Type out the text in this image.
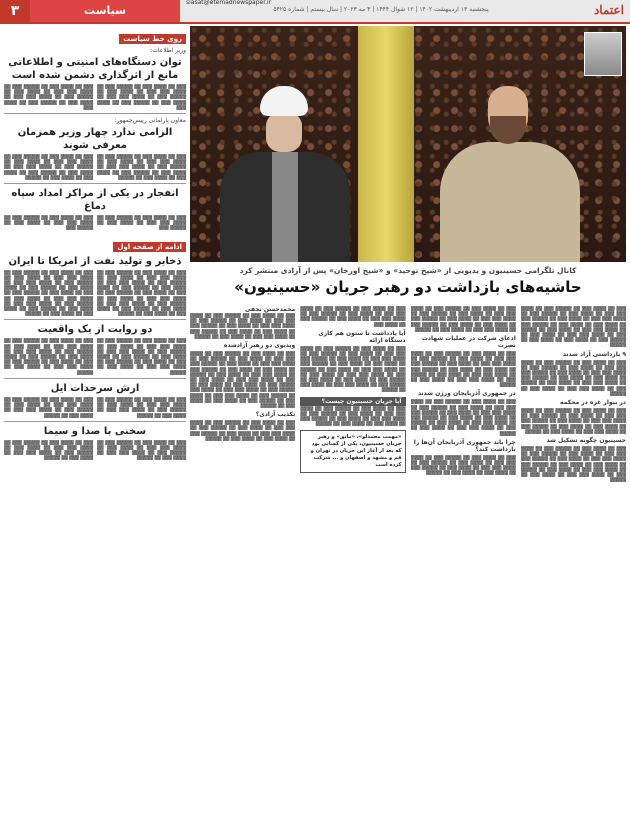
۳	سیاست
siasat@etemadnewspaper.ir
پنجشنبه ۱۳ اردیبهشت ۱۴۰۲ | ۱۲ شوال ۱۴۴۴ | ۴ مه ۲۰۲۳ | سال بیستم | شماره ۵۴۲۵	اعتماد
روی خط سیاست
وزیر اطلاعات:
توان دستگاه‌های امنیتی و اطلاعاتی مانع از اثرگذاری دشمن شده است
▓▓▓ ▓▓ ▓▓▓▓ ▓▓▓ ▓▓ ▓▓▓▓▓ ▓▓▓ ▓▓ ▓▓▓▓ ▓▓▓ ▓▓▓ ▓▓ ▓▓▓▓ ▓▓▓ ▓▓ ▓▓▓▓▓ ▓▓▓ ▓▓ ▓▓▓▓ ▓▓▓ ▓▓▓ ▓▓ ▓▓▓▓ ▓▓▓ ▓▓ ▓▓▓▓▓ ▓▓▓ ▓▓ ▓▓▓▓ ▓▓▓
▓▓▓ ▓▓ ▓▓▓▓ ▓▓▓ ▓▓ ▓▓▓▓▓ ▓▓▓ ▓▓ ▓▓▓▓ ▓▓▓ ▓▓▓ ▓▓ ▓▓▓▓ ▓▓▓ ▓▓ ▓▓▓▓▓ ▓▓▓ ▓▓ ▓▓▓▓ ▓▓▓ ▓▓▓ ▓▓ ▓▓▓▓ ▓▓▓ ▓▓ ▓▓▓▓▓ ▓▓▓ ▓▓ ▓▓▓▓ ▓▓▓
معاون پارلمانی رییس‌جمهور:
الزامی ندارد چهار وزیر همزمان معرفی شوند
▓▓▓ ▓▓ ▓▓▓▓ ▓▓▓ ▓▓ ▓▓▓▓▓ ▓▓▓ ▓▓ ▓▓▓▓ ▓▓▓ ▓▓▓ ▓▓ ▓▓▓▓ ▓▓▓ ▓▓ ▓▓▓▓▓ ▓▓▓ ▓▓ ▓▓▓▓ ▓▓▓ ▓▓▓ ▓▓ ▓▓▓▓ ▓▓▓ ▓▓ ▓▓▓▓▓ ▓▓▓ ▓▓ ▓▓▓▓ ▓▓▓ ▓▓ ▓▓▓▓ ▓▓▓ ▓▓ ▓▓▓▓▓
▓▓▓ ▓▓ ▓▓▓▓ ▓▓▓ ▓▓ ▓▓▓▓▓ ▓▓▓ ▓▓ ▓▓▓▓ ▓▓▓ ▓▓▓ ▓▓ ▓▓▓▓ ▓▓▓ ▓▓ ▓▓▓▓▓ ▓▓▓ ▓▓ ▓▓▓▓ ▓▓▓ ▓▓▓ ▓▓ ▓▓▓▓ ▓▓▓ ▓▓ ▓▓▓▓▓ ▓▓▓ ▓▓ ▓▓▓▓ ▓▓▓ ▓▓ ▓▓▓▓ ▓▓▓ ▓▓ ▓▓▓▓▓
انفجار در یکی از مراکز امداد سپاه دماغ
▓▓▓ ▓▓ ▓▓▓▓ ▓▓▓ ▓▓ ▓▓▓▓▓ ▓▓▓ ▓▓ ▓▓▓▓ ▓▓▓ ▓▓▓ ▓▓ ▓▓▓▓ ▓▓▓ ▓▓ ▓▓▓▓▓ ▓▓▓
▓▓▓ ▓▓ ▓▓▓▓ ▓▓▓ ▓▓ ▓▓▓▓▓ ▓▓▓ ▓▓ ▓▓▓▓ ▓▓▓ ▓▓▓ ▓▓ ▓▓▓▓ ▓▓▓ ▓▓ ▓▓▓▓▓ ▓▓▓
ادامه از صفحه اول
ذخایر و تولید نفت از امریکا تا ایران
▓▓▓ ▓▓ ▓▓▓▓ ▓▓▓ ▓▓ ▓▓▓▓▓ ▓▓▓ ▓▓ ▓▓▓▓ ▓▓▓ ▓▓▓ ▓▓ ▓▓▓▓ ▓▓▓ ▓▓ ▓▓▓▓▓ ▓▓▓ ▓▓ ▓▓▓▓ ▓▓▓ ▓▓▓ ▓▓ ▓▓▓▓ ▓▓▓ ▓▓ ▓▓▓▓▓ ▓▓▓ ▓▓ ▓▓▓▓ ▓▓▓ ▓▓ ▓▓▓▓ ▓▓▓ ▓▓ ▓▓▓▓▓ ▓▓▓ ▓▓ ▓▓▓▓ ▓▓▓ ▓▓▓ ▓▓ ▓▓▓▓ ▓▓▓ ▓▓ ▓▓▓▓▓ ▓▓▓ ▓▓ ▓▓▓▓ ▓▓▓ ▓▓▓ ▓▓ ▓▓▓▓ ▓▓▓ ▓▓ ▓▓▓▓▓ ▓▓▓ ▓▓ ▓▓▓▓ ▓▓▓ ▓▓ ▓▓▓▓ ▓▓▓ ▓▓ ▓▓▓▓▓
▓▓▓ ▓▓ ▓▓▓▓ ▓▓▓ ▓▓ ▓▓▓▓▓ ▓▓▓ ▓▓ ▓▓▓▓ ▓▓▓ ▓▓▓ ▓▓ ▓▓▓▓ ▓▓▓ ▓▓ ▓▓▓▓▓ ▓▓▓ ▓▓ ▓▓▓▓ ▓▓▓ ▓▓▓ ▓▓ ▓▓▓▓ ▓▓▓ ▓▓ ▓▓▓▓▓ ▓▓▓ ▓▓ ▓▓▓▓ ▓▓▓ ▓▓ ▓▓▓▓ ▓▓▓ ▓▓ ▓▓▓▓▓ ▓▓▓ ▓▓ ▓▓▓▓ ▓▓▓ ▓▓▓ ▓▓ ▓▓▓▓ ▓▓▓ ▓▓ ▓▓▓▓▓ ▓▓▓ ▓▓ ▓▓▓▓ ▓▓▓ ▓▓▓ ▓▓ ▓▓▓▓ ▓▓▓ ▓▓ ▓▓▓▓▓ ▓▓▓ ▓▓ ▓▓▓▓ ▓▓▓ ▓▓ ▓▓▓▓ ▓▓▓ ▓▓ ▓▓▓▓▓
دو روایت از یک واقعیت
▓▓▓ ▓▓ ▓▓▓▓ ▓▓▓ ▓▓ ▓▓▓▓▓ ▓▓▓ ▓▓ ▓▓▓▓ ▓▓▓ ▓▓▓ ▓▓ ▓▓▓▓ ▓▓▓ ▓▓ ▓▓▓▓▓ ▓▓▓ ▓▓ ▓▓▓▓ ▓▓▓ ▓▓▓ ▓▓ ▓▓▓▓ ▓▓▓ ▓▓ ▓▓▓▓▓ ▓▓▓ ▓▓ ▓▓▓▓ ▓▓▓ ▓▓ ▓▓▓▓ ▓▓▓ ▓▓ ▓▓▓▓▓ ▓▓▓ ▓▓ ▓▓▓▓ ▓▓▓ ▓▓▓ ▓▓ ▓▓▓▓ ▓▓▓ ▓▓ ▓▓▓▓▓
▓▓▓ ▓▓ ▓▓▓▓ ▓▓▓ ▓▓ ▓▓▓▓▓ ▓▓▓ ▓▓ ▓▓▓▓ ▓▓▓ ▓▓▓ ▓▓ ▓▓▓▓ ▓▓▓ ▓▓ ▓▓▓▓▓ ▓▓▓ ▓▓ ▓▓▓▓ ▓▓▓ ▓▓▓ ▓▓ ▓▓▓▓ ▓▓▓ ▓▓ ▓▓▓▓▓ ▓▓▓ ▓▓ ▓▓▓▓ ▓▓▓ ▓▓ ▓▓▓▓ ▓▓▓ ▓▓ ▓▓▓▓▓ ▓▓▓ ▓▓ ▓▓▓▓ ▓▓▓ ▓▓▓ ▓▓ ▓▓▓▓ ▓▓▓ ▓▓ ▓▓▓▓▓
ارش سرحدات ایل
▓▓▓ ▓▓ ▓▓▓▓ ▓▓▓ ▓▓ ▓▓▓▓▓ ▓▓▓ ▓▓ ▓▓▓▓ ▓▓▓ ▓▓▓ ▓▓ ▓▓▓▓ ▓▓▓ ▓▓ ▓▓▓▓▓ ▓▓▓ ▓▓ ▓▓▓▓ ▓▓▓ ▓▓▓ ▓▓ ▓▓▓▓ ▓▓▓ ▓▓ ▓▓▓▓▓
▓▓▓ ▓▓ ▓▓▓▓ ▓▓▓ ▓▓ ▓▓▓▓▓ ▓▓▓ ▓▓ ▓▓▓▓ ▓▓▓ ▓▓▓ ▓▓ ▓▓▓▓ ▓▓▓ ▓▓ ▓▓▓▓▓ ▓▓▓ ▓▓ ▓▓▓▓ ▓▓▓ ▓▓▓ ▓▓ ▓▓▓▓ ▓▓▓ ▓▓ ▓▓▓▓▓
سخنی با صدا و سیما
▓▓▓ ▓▓ ▓▓▓▓ ▓▓▓ ▓▓ ▓▓▓▓▓ ▓▓▓ ▓▓ ▓▓▓▓ ▓▓▓ ▓▓▓ ▓▓ ▓▓▓▓ ▓▓▓ ▓▓ ▓▓▓▓▓ ▓▓▓ ▓▓ ▓▓▓▓ ▓▓▓ ▓▓▓ ▓▓ ▓▓▓▓ ▓▓▓ ▓▓ ▓▓▓▓▓
▓▓▓ ▓▓ ▓▓▓▓ ▓▓▓ ▓▓ ▓▓▓▓▓ ▓▓▓ ▓▓ ▓▓▓▓ ▓▓▓ ▓▓▓ ▓▓ ▓▓▓▓ ▓▓▓ ▓▓ ▓▓▓▓▓ ▓▓▓ ▓▓ ▓▓▓▓ ▓▓▓ ▓▓▓ ▓▓ ▓▓▓▓ ▓▓▓ ▓▓ ▓▓▓▓▓
کانال تلگرامی حسینیون و یدیویی از «شیخ توحید» و «شیخ اورخان» پس از آزادی منتشر کرد
حاشیه‌های بازداشت دو رهبر جریان «حسینیون»
▓▓▓ ▓▓ ▓▓▓▓ ▓▓▓ ▓▓ ▓▓▓▓▓ ▓▓▓ ▓▓ ▓▓▓▓ ▓▓▓ ▓▓▓ ▓▓ ▓▓▓▓ ▓▓▓ ▓▓ ▓▓▓▓▓ ▓▓▓ ▓▓ ▓▓▓▓ ▓▓▓ ▓▓▓ ▓▓ ▓▓▓▓ ▓▓▓ ▓▓ ▓▓▓▓▓ ▓▓▓ ▓▓ ▓▓▓▓ ▓▓▓ ▓▓ ▓▓▓▓ ▓▓▓ ▓▓ ▓▓▓▓▓ ▓▓▓ ▓▓ ▓▓▓▓ ▓▓▓ ▓▓▓ ▓▓ ▓▓▓▓ ▓▓▓ ▓▓ ▓▓▓▓▓ ▓▓▓ ▓▓ ▓▓▓▓ ▓▓▓ ▓▓▓ ▓▓ ▓▓▓▓ ▓▓▓ ▓▓ ▓▓▓▓▓ ▓▓▓ ▓▓ ▓▓▓▓ ▓▓▓ ▓▓ ▓▓▓▓ ▓▓▓ ▓▓ ▓▓▓▓▓
۹ بازداشتی آزاد شدند
▓▓▓ ▓▓ ▓▓▓▓ ▓▓▓ ▓▓ ▓▓▓▓▓ ▓▓▓ ▓▓ ▓▓▓▓ ▓▓▓ ▓▓▓ ▓▓ ▓▓▓▓ ▓▓▓ ▓▓ ▓▓▓▓▓ ▓▓▓ ▓▓ ▓▓▓▓ ▓▓▓ ▓▓▓ ▓▓ ▓▓▓▓ ▓▓▓ ▓▓ ▓▓▓▓▓ ▓▓▓ ▓▓ ▓▓▓▓ ▓▓▓ ▓▓ ▓▓▓▓ ▓▓▓ ▓▓ ▓▓▓▓▓ ▓▓▓ ▓▓ ▓▓▓▓ ▓▓▓ ▓▓▓ ▓▓ ▓▓▓▓ ▓▓▓ ▓▓ ▓▓▓▓▓ ▓▓▓ ▓▓ ▓▓▓▓ ▓▓▓ ▓▓▓ ▓▓ ▓▓▓▓ ▓▓▓ ▓▓ ▓▓▓▓▓
در بیوار غزه در محکمه
▓▓▓ ▓▓ ▓▓▓▓ ▓▓▓ ▓▓ ▓▓▓▓▓ ▓▓▓ ▓▓ ▓▓▓▓ ▓▓▓ ▓▓▓ ▓▓ ▓▓▓▓ ▓▓▓ ▓▓ ▓▓▓▓▓ ▓▓▓ ▓▓ ▓▓▓▓ ▓▓▓ ▓▓▓ ▓▓ ▓▓▓▓ ▓▓▓ ▓▓ ▓▓▓▓▓ ▓▓▓ ▓▓ ▓▓▓▓ ▓▓▓ ▓▓ ▓▓▓▓ ▓▓▓ ▓▓ ▓▓▓▓▓ ▓▓▓ ▓▓ ▓▓▓▓ ▓▓▓ ▓▓▓ ▓▓ ▓▓▓▓ ▓▓▓ ▓▓ ▓▓▓▓▓
حسینیون چگونه تشکیل شد
▓▓▓ ▓▓ ▓▓▓▓ ▓▓▓ ▓▓ ▓▓▓▓▓ ▓▓▓ ▓▓ ▓▓▓▓ ▓▓▓ ▓▓▓ ▓▓ ▓▓▓▓ ▓▓▓ ▓▓ ▓▓▓▓▓ ▓▓▓ ▓▓ ▓▓▓▓ ▓▓▓ ▓▓▓ ▓▓ ▓▓▓▓ ▓▓▓ ▓▓ ▓▓▓▓▓ ▓▓▓ ▓▓ ▓▓▓▓ ▓▓▓ ▓▓ ▓▓▓▓ ▓▓▓ ▓▓ ▓▓▓▓▓ ▓▓▓ ▓▓ ▓▓▓▓ ▓▓▓ ▓▓▓ ▓▓ ▓▓▓▓ ▓▓▓ ▓▓ ▓▓▓▓▓ ▓▓▓ ▓▓ ▓▓▓▓ ▓▓▓ ▓▓▓ ▓▓ ▓▓▓▓ ▓▓▓ ▓▓ ▓▓▓▓▓
▓▓▓ ▓▓ ▓▓▓▓ ▓▓▓ ▓▓ ▓▓▓▓▓ ▓▓▓ ▓▓ ▓▓▓▓ ▓▓▓ ▓▓▓ ▓▓ ▓▓▓▓ ▓▓▓ ▓▓ ▓▓▓▓▓ ▓▓▓ ▓▓ ▓▓▓▓ ▓▓▓ ▓▓▓ ▓▓ ▓▓▓▓ ▓▓▓ ▓▓ ▓▓▓▓▓ ▓▓▓ ▓▓ ▓▓▓▓ ▓▓▓ ▓▓ ▓▓▓▓ ▓▓▓ ▓▓ ▓▓▓▓▓ ▓▓▓ ▓▓ ▓▓▓▓ ▓▓▓ ▓▓▓ ▓▓ ▓▓▓▓ ▓▓▓ ▓▓ ▓▓▓▓▓
ادعای شرکت در عملیات شهادت نصرت
▓▓▓ ▓▓ ▓▓▓▓ ▓▓▓ ▓▓ ▓▓▓▓▓ ▓▓▓ ▓▓ ▓▓▓▓ ▓▓▓ ▓▓▓ ▓▓ ▓▓▓▓ ▓▓▓ ▓▓ ▓▓▓▓▓ ▓▓▓ ▓▓ ▓▓▓▓ ▓▓▓ ▓▓▓ ▓▓ ▓▓▓▓ ▓▓▓ ▓▓ ▓▓▓▓▓ ▓▓▓ ▓▓ ▓▓▓▓ ▓▓▓ ▓▓ ▓▓▓▓ ▓▓▓ ▓▓ ▓▓▓▓▓ ▓▓▓ ▓▓ ▓▓▓▓ ▓▓▓ ▓▓▓ ▓▓ ▓▓▓▓ ▓▓▓ ▓▓ ▓▓▓▓▓ ▓▓▓ ▓▓ ▓▓▓▓ ▓▓▓ ▓▓▓ ▓▓ ▓▓▓▓ ▓▓▓ ▓▓ ▓▓▓▓▓
در جمهوری آذربایجان ورژن شدند
▓▓▓ ▓▓ ▓▓▓▓ ▓▓▓ ▓▓ ▓▓▓▓▓ ▓▓▓ ▓▓ ▓▓▓▓ ▓▓▓ ▓▓▓ ▓▓ ▓▓▓▓ ▓▓▓ ▓▓ ▓▓▓▓▓ ▓▓▓ ▓▓ ▓▓▓▓ ▓▓▓ ▓▓▓ ▓▓ ▓▓▓▓ ▓▓▓ ▓▓ ▓▓▓▓▓ ▓▓▓ ▓▓ ▓▓▓▓ ▓▓▓ ▓▓ ▓▓▓▓ ▓▓▓ ▓▓ ▓▓▓▓▓ ▓▓▓ ▓▓ ▓▓▓▓ ▓▓▓ ▓▓▓ ▓▓ ▓▓▓▓ ▓▓▓ ▓▓ ▓▓▓▓▓ ▓▓▓ ▓▓ ▓▓▓▓ ▓▓▓ ▓▓▓ ▓▓ ▓▓▓▓ ▓▓▓ ▓▓ ▓▓▓▓▓
چرا باید جمهوری آذربایجان آن‌ها را بازداشت کند؟
▓▓▓ ▓▓ ▓▓▓▓ ▓▓▓ ▓▓ ▓▓▓▓▓ ▓▓▓ ▓▓ ▓▓▓▓ ▓▓▓ ▓▓▓ ▓▓ ▓▓▓▓ ▓▓▓ ▓▓ ▓▓▓▓▓ ▓▓▓ ▓▓ ▓▓▓▓ ▓▓▓ ▓▓▓ ▓▓ ▓▓▓▓ ▓▓▓ ▓▓ ▓▓▓▓▓ ▓▓▓ ▓▓ ▓▓▓▓ ▓▓▓ ▓▓ ▓▓▓▓ ▓▓▓ ▓▓ ▓▓▓▓▓
▓▓▓ ▓▓ ▓▓▓▓ ▓▓▓ ▓▓ ▓▓▓▓▓ ▓▓▓ ▓▓ ▓▓▓▓ ▓▓▓ ▓▓▓ ▓▓ ▓▓▓▓ ▓▓▓ ▓▓ ▓▓▓▓▓ ▓▓▓ ▓▓ ▓▓▓▓ ▓▓▓ ▓▓▓ ▓▓ ▓▓▓▓ ▓▓▓ ▓▓ ▓▓▓▓▓ ▓▓▓ ▓▓ ▓▓▓▓ ▓▓▓
آیا یادداشت تا ستون هم کاری دستگاه ارائه
▓▓▓ ▓▓ ▓▓▓▓ ▓▓▓ ▓▓ ▓▓▓▓▓ ▓▓▓ ▓▓ ▓▓▓▓ ▓▓▓ ▓▓▓ ▓▓ ▓▓▓▓ ▓▓▓ ▓▓ ▓▓▓▓▓ ▓▓▓ ▓▓ ▓▓▓▓ ▓▓▓ ▓▓▓ ▓▓ ▓▓▓▓ ▓▓▓ ▓▓ ▓▓▓▓▓ ▓▓▓ ▓▓ ▓▓▓▓ ▓▓▓ ▓▓ ▓▓▓▓ ▓▓▓ ▓▓ ▓▓▓▓▓ ▓▓▓ ▓▓ ▓▓▓▓ ▓▓▓ ▓▓▓ ▓▓ ▓▓▓▓ ▓▓▓ ▓▓ ▓▓▓▓▓ ▓▓▓ ▓▓ ▓▓▓▓ ▓▓▓ ▓▓▓ ▓▓ ▓▓▓▓ ▓▓▓ ▓▓ ▓▓▓▓▓ ▓▓▓ ▓▓ ▓▓▓▓ ▓▓▓ ▓▓ ▓▓▓▓ ▓▓▓ ▓▓ ▓▓▓▓▓ ▓▓▓ ▓▓ ▓▓▓▓ ▓▓▓ ▓▓▓ ▓▓ ▓▓▓▓ ▓▓▓ ▓▓ ▓▓▓▓▓
آیا جریان حسینیون چیست؟
▓▓▓ ▓▓ ▓▓▓▓ ▓▓▓ ▓▓ ▓▓▓▓▓ ▓▓▓ ▓▓ ▓▓▓▓ ▓▓▓ ▓▓▓ ▓▓ ▓▓▓▓ ▓▓▓ ▓▓ ▓▓▓▓▓ ▓▓▓ ▓▓ ▓▓▓▓ ▓▓▓ ▓▓▓ ▓▓ ▓▓▓▓ ▓▓▓ ▓▓ ▓▓▓▓▓ ▓▓▓ ▓▓ ▓▓▓▓ ▓▓▓ ▓▓ ▓▓▓▓ ▓▓▓ ▓▓ ▓▓▓▓▓
«مهمت محمدلو»، «مانق» و رهبر جریان حسینیون، یکی از کسانی بود که بعد از آغاز این جریان در تهران و قم و مشهد و اصفهان و ... شرکت کرده است
محمدحسن نجفی
▓▓▓ ▓▓ ▓▓▓▓ ▓▓▓ ▓▓ ▓▓▓▓▓ ▓▓▓ ▓▓ ▓▓▓▓ ▓▓▓ ▓▓▓ ▓▓ ▓▓▓▓ ▓▓▓ ▓▓ ▓▓▓▓▓ ▓▓▓ ▓▓ ▓▓▓▓ ▓▓▓ ▓▓▓ ▓▓ ▓▓▓▓ ▓▓▓ ▓▓ ▓▓▓▓▓ ▓▓▓ ▓▓ ▓▓▓▓ ▓▓▓ ▓▓ ▓▓▓▓ ▓▓▓ ▓▓ ▓▓▓▓▓ ▓▓▓ ▓▓ ▓▓▓▓ ▓▓▓ ▓▓▓ ▓▓ ▓▓▓▓ ▓▓▓ ▓▓ ▓▓▓▓▓
ویدیوی دو رهبر آزادشده
▓▓▓ ▓▓ ▓▓▓▓ ▓▓▓ ▓▓ ▓▓▓▓▓ ▓▓▓ ▓▓ ▓▓▓▓ ▓▓▓ ▓▓▓ ▓▓ ▓▓▓▓ ▓▓▓ ▓▓ ▓▓▓▓▓ ▓▓▓ ▓▓ ▓▓▓▓ ▓▓▓ ▓▓▓ ▓▓ ▓▓▓▓ ▓▓▓ ▓▓ ▓▓▓▓▓ ▓▓▓ ▓▓ ▓▓▓▓ ▓▓▓ ▓▓ ▓▓▓▓ ▓▓▓ ▓▓ ▓▓▓▓▓ ▓▓▓ ▓▓ ▓▓▓▓ ▓▓▓ ▓▓▓ ▓▓ ▓▓▓▓ ▓▓▓ ▓▓ ▓▓▓▓▓ ▓▓▓ ▓▓ ▓▓▓▓ ▓▓▓ ▓▓▓ ▓▓ ▓▓▓▓ ▓▓▓ ▓▓ ▓▓▓▓▓ ▓▓▓ ▓▓ ▓▓▓▓ ▓▓▓ ▓▓ ▓▓▓▓ ▓▓▓ ▓▓ ▓▓▓▓▓ ▓▓▓ ▓▓ ▓▓▓▓ ▓▓▓ ▓▓▓ ▓▓ ▓▓▓▓ ▓▓▓ ▓▓ ▓▓▓▓▓ ▓▓▓ ▓▓ ▓▓▓▓ ▓▓▓ ▓▓▓ ▓▓ ▓▓▓▓ ▓▓▓ ▓▓ ▓▓▓▓▓ ▓▓▓ ▓▓ ▓▓▓▓ ▓▓▓ ▓▓ ▓▓▓▓ ▓▓▓ ▓▓ ▓▓▓▓▓
تکذیب آزادی؟
▓▓▓ ▓▓ ▓▓▓▓ ▓▓▓ ▓▓ ▓▓▓▓▓ ▓▓▓ ▓▓ ▓▓▓▓ ▓▓▓ ▓▓▓ ▓▓ ▓▓▓▓ ▓▓▓ ▓▓ ▓▓▓▓▓ ▓▓▓ ▓▓ ▓▓▓▓ ▓▓▓ ▓▓▓ ▓▓ ▓▓▓▓ ▓▓▓ ▓▓ ▓▓▓▓▓ ▓▓▓ ▓▓ ▓▓▓▓ ▓▓▓ ▓▓ ▓▓▓▓ ▓▓▓ ▓▓ ▓▓▓▓▓
